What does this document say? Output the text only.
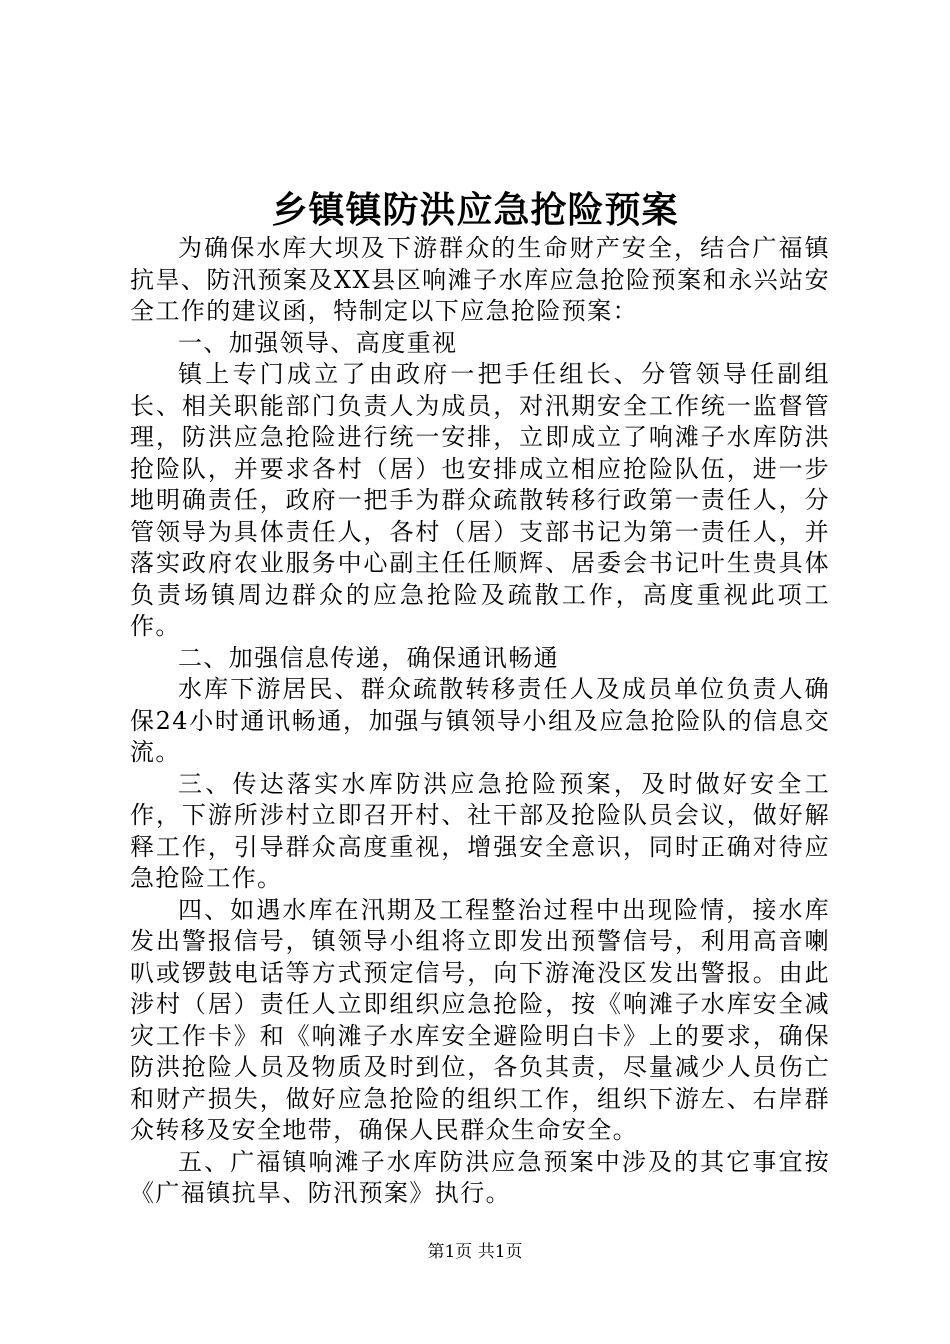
乡镇镇防洪应急抢险预案

为确保水库大坝及下游群众的生命财产安全，结合广福镇抗旱、防汛预案及XX县区响滩子水库应急抢险预案和永兴站安全工作的建议函，特制定以下应急抢险预案：

一、加强领导、高度重视

镇上专门成立了由政府一把手任组长、分管领导任副组长、相关职能部门负责人为成员，对汛期安全工作统一监督管理，防洪应急抢险进行统一安排，立即成立了响滩子水库防洪抢险队，并要求各村（居）也安排成立相应抢险队伍，进一步地明确责任，政府一把手为群众疏散转移行政第一责任人，分管领导为具体责任人，各村（居）支部书记为第一责任人，并落实政府农业服务中心副主任任顺辉、居委会书记叶生贵具体负责场镇周边群众的应急抢险及疏散工作，高度重视此项工作。

二、加强信息传递，确保通讯畅通

水库下游居民、群众疏散转移责任人及成员单位负责人确保24小时通讯畅通，加强与镇领导小组及应急抢险队的信息交流。

三、传达落实水库防洪应急抢险预案，及时做好安全工作，下游所涉村立即召开村、社干部及抢险队员会议，做好解释工作，引导群众高度重视，增强安全意识，同时正确对待应急抢险工作。

四、如遇水库在汛期及工程整治过程中出现险情，接水库发出警报信号，镇领导小组将立即发出预警信号，利用高音喇叭或锣鼓电话等方式预定信号，向下游淹没区发出警报。由此涉村（居）责任人立即组织应急抢险，按《响滩子水库安全减灾工作卡》和《响滩子水库安全避险明白卡》上的要求，确保防洪抢险人员及物质及时到位，各负其责，尽量减少人员伤亡和财产损失，做好应急抢险的组织工作，组织下游左、右岸群众转移及安全地带，确保人民群众生命安全。

五、广福镇响滩子水库防洪应急预案中涉及的其它事宜按《广福镇抗旱、防汛预案》执行。

第1页 共1页
